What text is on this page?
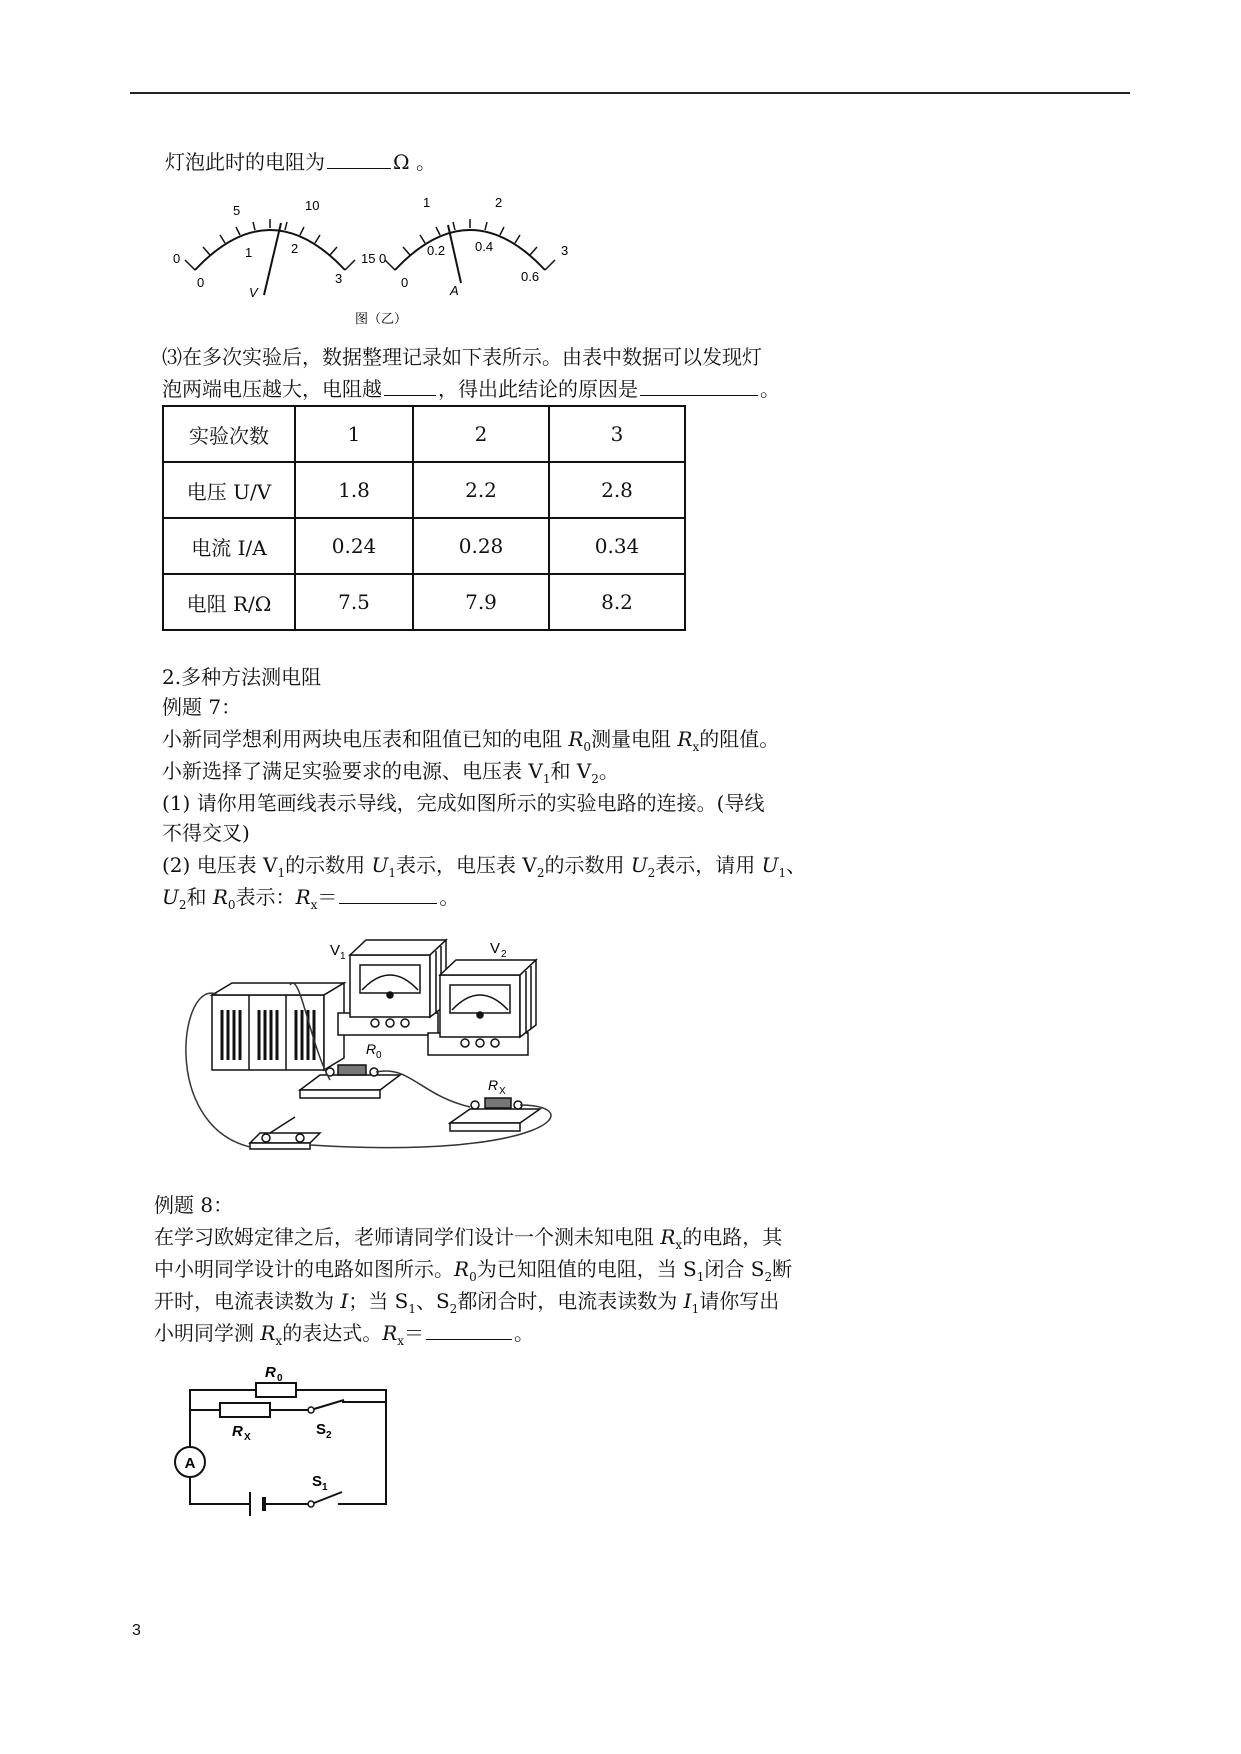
灯泡此时的电阻为	Ω 。
0
5	10
15
0
1	2
3
V
0
1	2
3
0
0.2 0.4
0.6
A
图（乙）
⑶在多次实验后，数据整理记录如下表所示。由表中数据可以发现灯
泡两端电压越大，电阻越	，得出此结论的原因是	。
实验次数	1	2	3
电压 U/V	1.8	2.2	2.8
电流 I/A	0.24	0.28	0.34
电阻 R/Ω	7.5	7.9	8.2
2.多种方法测电阻
例题 7：
小新同学想利用两块电压表和阻值已知的电阻 $R_0$测量电阻 $R_x$的阻值。
小新选择了满足实验要求的电源、电压表 $V_1$和 $V_2$。
(1) 请你用笔画线表示导线，完成如图所示的实验电路的连接。(导线
不得交叉)
(2) 电压表 $V_1$的示数用 $U_1$表示，电压表 $V_2$的示数用 $U_2$表示，请用 $U_1$、
$U_2$和 $R_0$表示：$R_x=$	。
V 1	V 2
R 0
R X
例题 8：
在学习欧姆定律之后，老师请同学们设计一个测未知电阻 $R_x$的电路，其
中小明同学设计的电路如图所示。$R_0$为已知阻值的电阻，当 $S_1$闭合 $S_2$断
开时，电流表读数为 I；当 $S_1$、$S_2$都闭合时，电流表读数为 $I_1$请你写出
小明同学测 $R_x$的表达式。$R_x=$	。
A
R 0
R X	S 2
S 1
3
